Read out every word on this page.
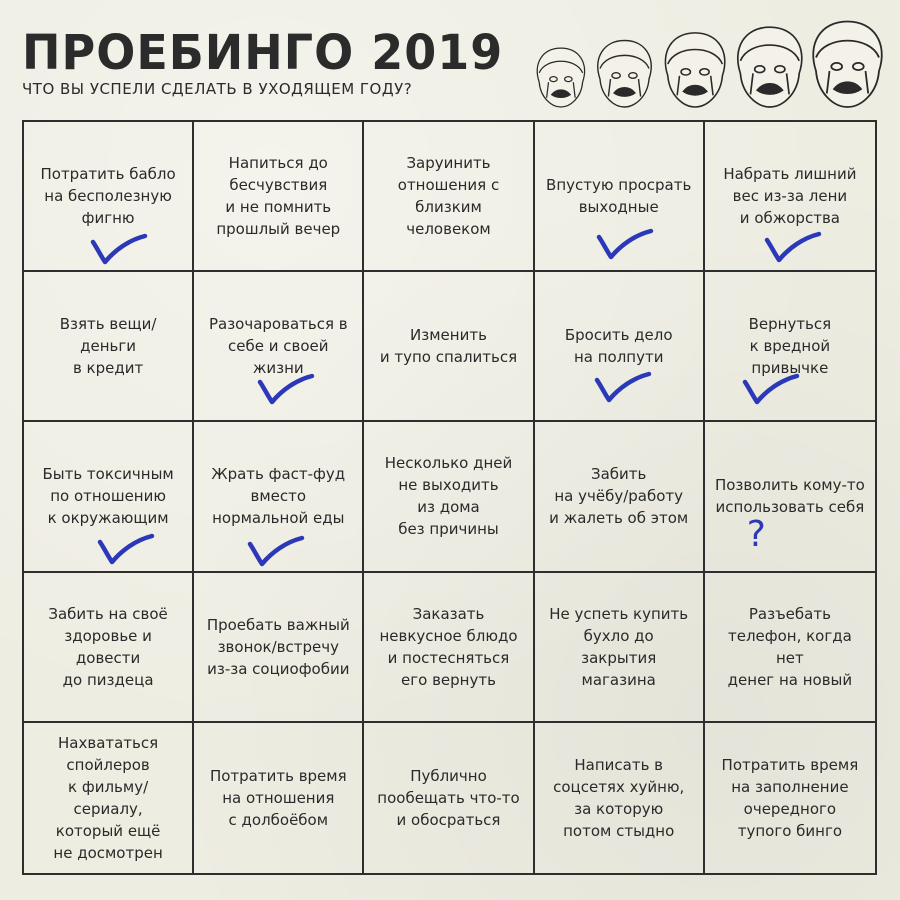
ПРОЕБИНГО 2019
ЧТО ВЫ УСПЕЛИ СДЕЛАТЬ В УХОДЯЩЕМ ГОДУ?
Потратить бабло
на бесполезную
фигню
Напиться до
бесчувствия
и не помнить
прошлый вечер
Заруинить
отношения с
близким
человеком
Впустую просрать
выходные
Набрать лишний
вес из-за лени
и обжорства
Взять вещи/деньги
в кредит
Разочароваться в
себе и своей
жизни
Изменить
и тупо спалиться
Бросить дело
на полпути
Вернуться
к вредной
привычке
Быть токсичным
по отношению
к окружающим
Жрать фаст-фуд
вместо
нормальной еды
Несколько дней
не выходить
из дома
без причины
Забить
на учёбу/работу
и жалеть об этом
Позволить кому-то
использовать себя
?
Забить на своё
здоровье и довести
до пиздеца
Проебать важный
звонок/встречу
из-за социофобии
Заказать
невкусное блюдо
и постесняться
его вернуть
Не успеть купить
бухло до закрытия
магазина
Разъебать
телефон, когда нет
денег на новый
Нахвататься
спойлеров
к фильму/сериалу,
который ещё
не досмотрен
Потратить время
на отношения
с долбоёбом
Публично
пообещать что-то
и обосраться
Написать в
соцсетях хуйню,
за которую
потом стыдно
Потратить время
на заполнение
очередного
тупого бинго
